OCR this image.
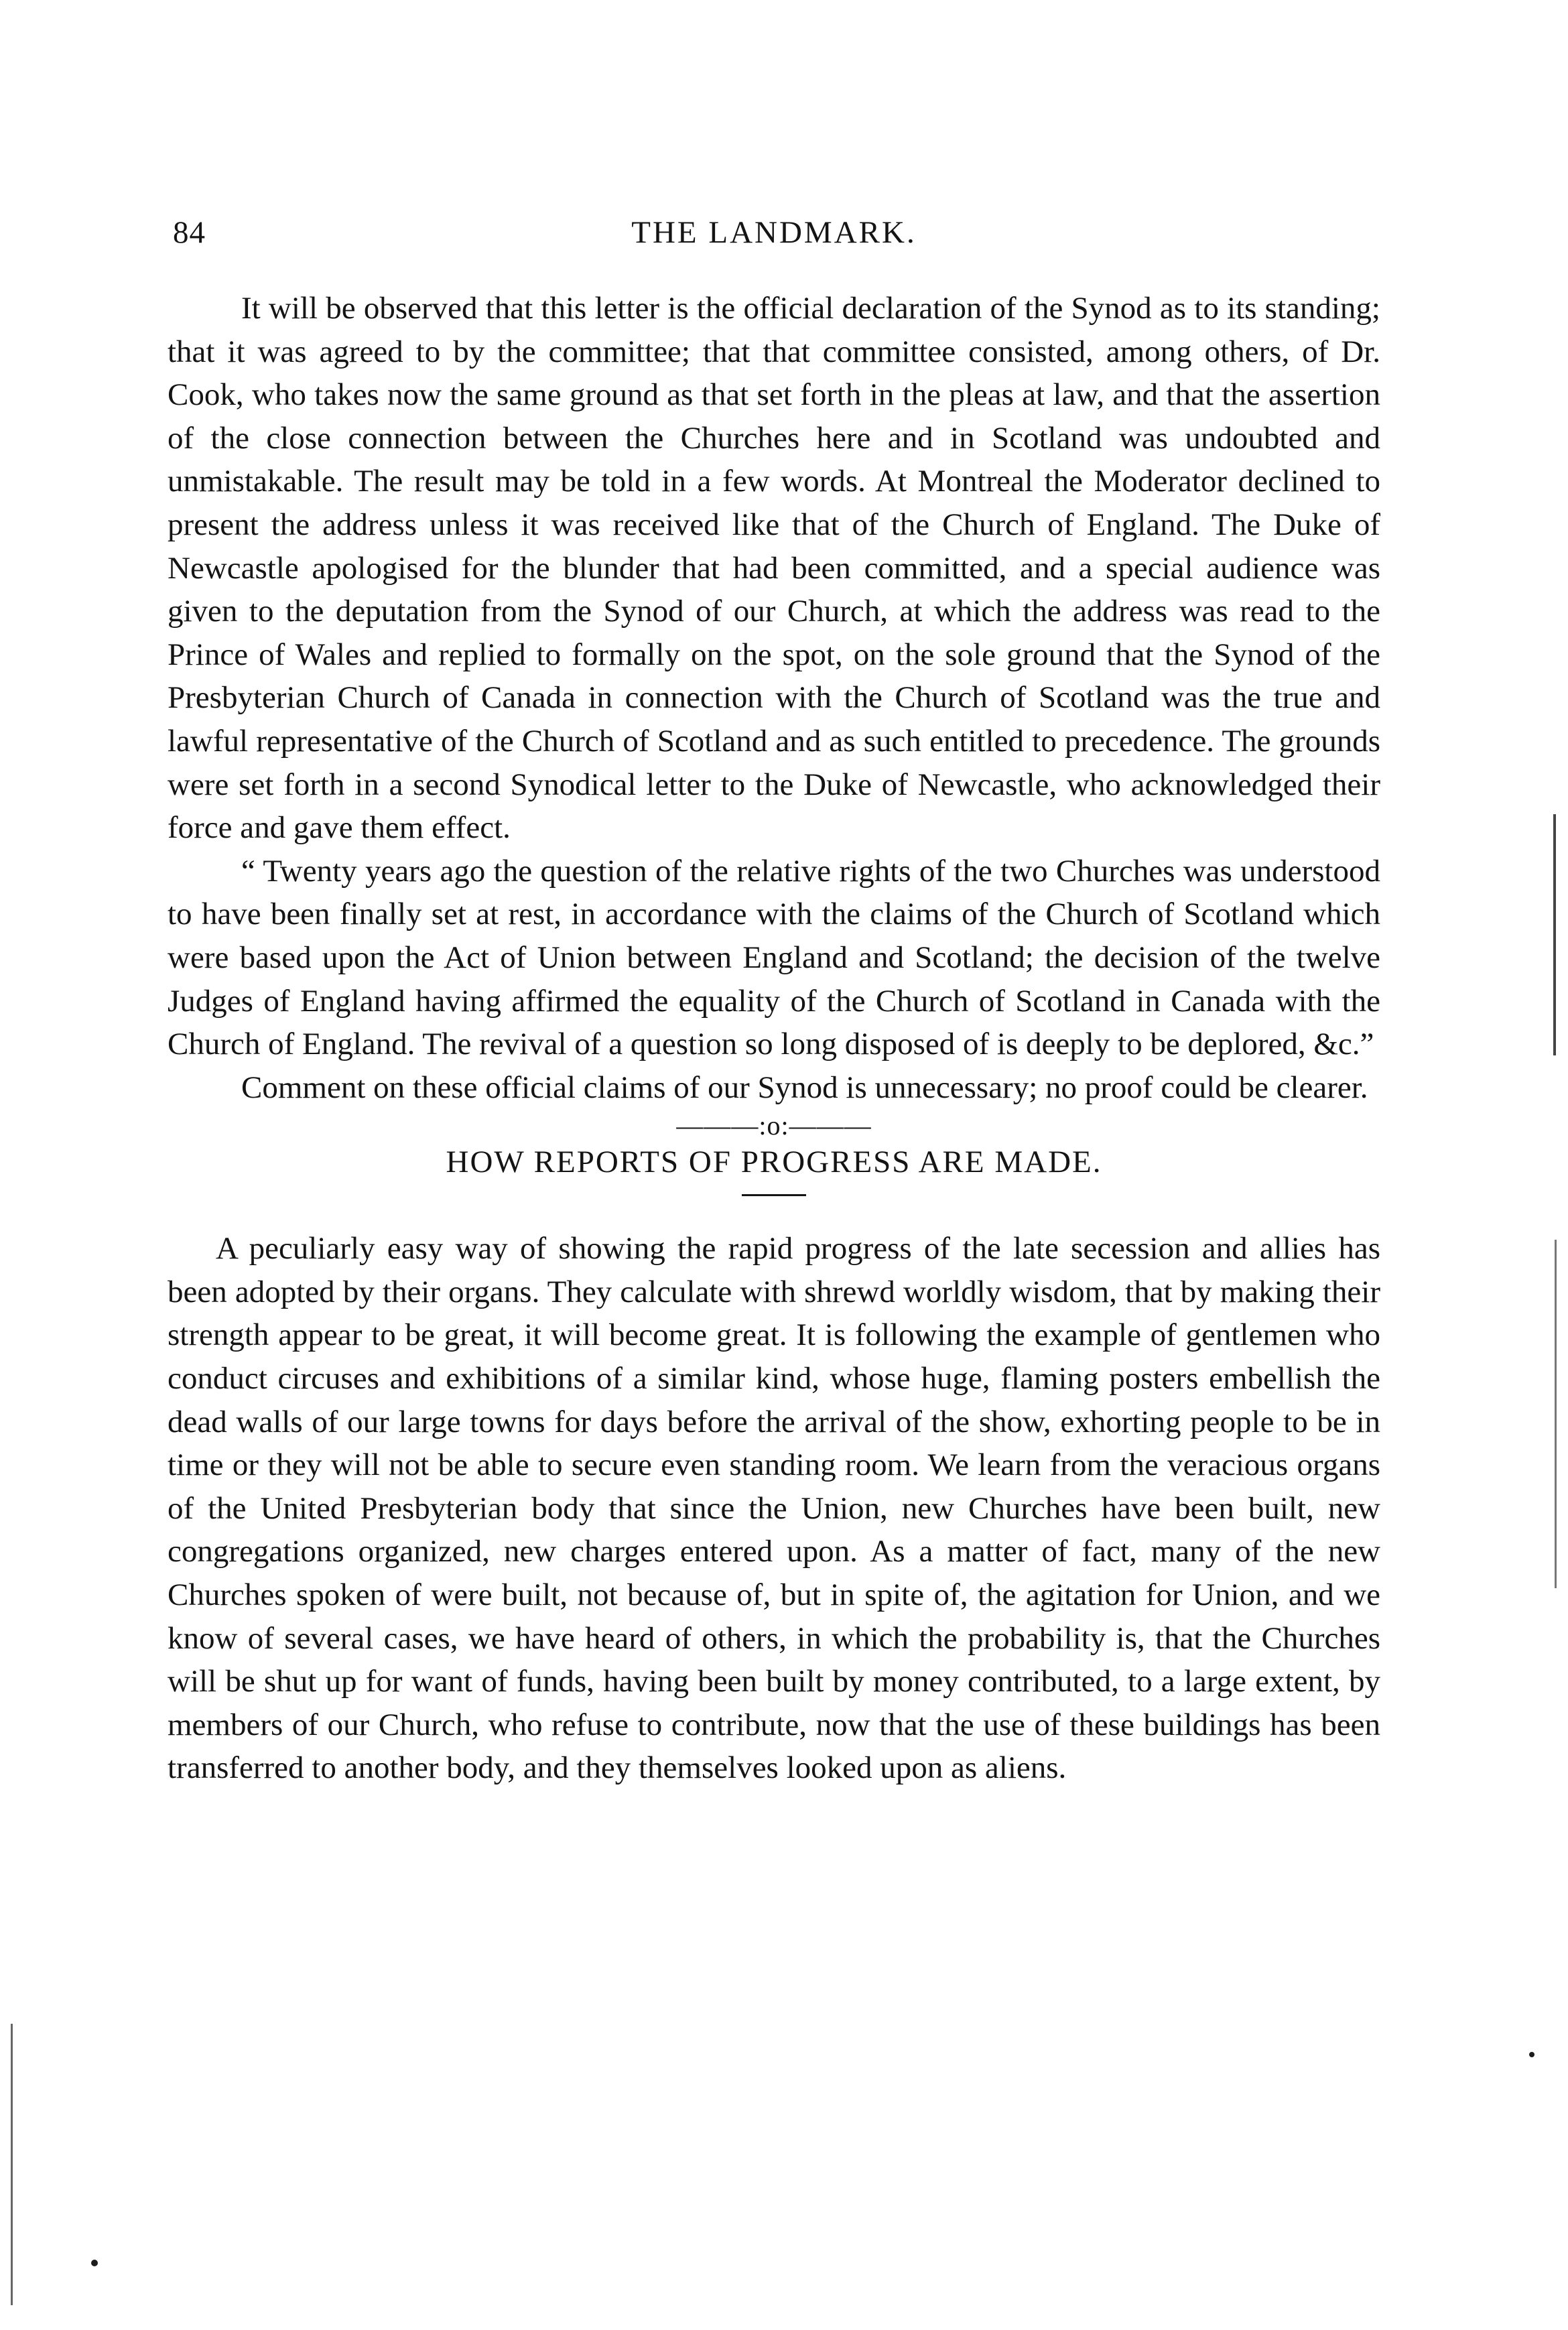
84	THE LANDMARK.

It will be observed that this letter is the official declaration of the Synod as to its standing; that it was agreed to by the committee; that that committee consisted, among others, of Dr. Cook, who takes now the same ground as that set forth in the pleas at law, and that the assertion of the close connection between the Churches here and in Scotland was undoubted and unmistakable. The result may be told in a few words. At Montreal the Moderator declined to present the address unless it was received like that of the Church of England. The Duke of Newcastle apologised for the blunder that had been committed, and a special audience was given to the deputation from the Synod of our Church, at which the address was read to the Prince of Wales and replied to formally on the spot, on the sole ground that the Synod of the Presbyterian Church of Canada in connection with the Church of Scotland was the true and lawful representative of the Church of Scotland and as such entitled to precedence. The grounds were set forth in a second Synodical letter to the Duke of Newcastle, who acknowledged their force and gave them effect.

“ Twenty years ago the question of the relative rights of the two Churches was understood to have been finally set at rest, in accordance with the claims of the Church of Scotland which were based upon the Act of Union between England and Scotland; the decision of the twelve Judges of England having affirmed the equality of the Church of Scotland in Canada with the Church of England. The revival of a question so long disposed of is deeply to be deplored, &c.”

Comment on these official claims of our Synod is unnecessary; no proof could be clearer.

———:o:———
HOW REPORTS OF PROGRESS ARE MADE.

A peculiarly easy way of showing the rapid progress of the late secession and allies has been adopted by their organs. They calculate with shrewd worldly wisdom, that by making their strength appear to be great, it will become great. It is following the example of gentlemen who conduct circuses and exhibitions of a similar kind, whose huge, flaming posters embellish the dead walls of our large towns for days before the arrival of the show, exhorting people to be in time or they will not be able to secure even standing room. We learn from the veracious organs of the United Presbyterian body that since the Union, new Churches have been built, new congregations organized, new charges entered upon. As a matter of fact, many of the new Churches spoken of were built, not because of, but in spite of, the agitation for Union, and we know of several cases, we have heard of others, in which the probability is, that the Churches will be shut up for want of funds, having been built by money contributed, to a large extent, by members of our Church, who refuse to contribute, now that the use of these buildings has been transferred to another body, and they themselves looked upon as aliens.
